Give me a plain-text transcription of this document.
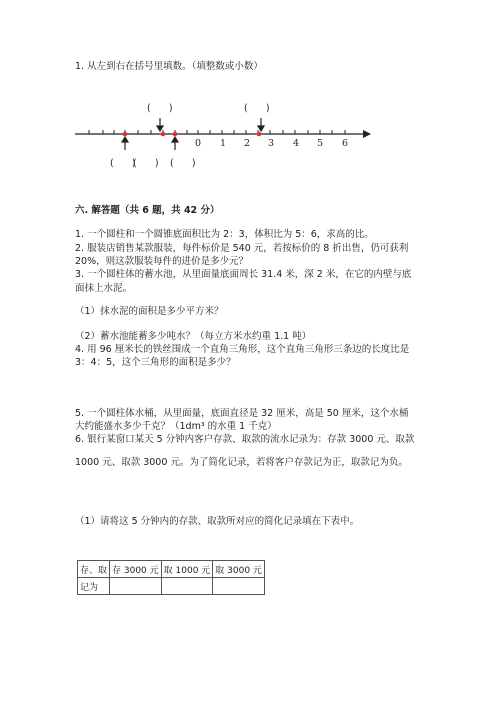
1. 从左到右在括号里填数。（填整数或小数）
0 1 2 3 4 5 6
(      )	(      )
(      )
(      ) (      )
六. 解答题（共 6 题，共 42 分）
1. 一个圆柱和一个圆锥底面积比为 2：3，体积比为 5：6，求高的比。
2. 服装店销售某款服装，每件标价是 540 元，若按标价的 8 折出售，仍可获利
20%，则这款服装每件的进价是多少元？
3. 一个圆柱体的蓄水池，从里面量底面周长 31.4 米，深 2 米，在它的内壁与底
面抹上水泥。
（1）抹水泥的面积是多少平方米？
（2）蓄水池能蓄多少吨水？（每立方米水约重 1.1 吨）
4. 用 96 厘米长的铁丝围成一个直角三角形，这个直角三角形三条边的长度比是
3：4：5，这个三角形的面积是多少？
5. 一个圆柱体水桶，从里面量，底面直径是 32 厘米，高是 50 厘米，这个水桶
大约能盛水多少千克？（1dm³ 的水重 1 千克）
6. 银行某窗口某天 5 分钟内客户存款、取款的流水记录为：存款 3000 元、取款
1000 元、取款 3000 元。为了简化记录，若将客户存款记为正，取款记为负。
（1）请将这 5 分钟内的存款、取款所对应的简化记录填在下表中。
存、取	存 3000 元	取 1000 元	取 3000 元
记为			
